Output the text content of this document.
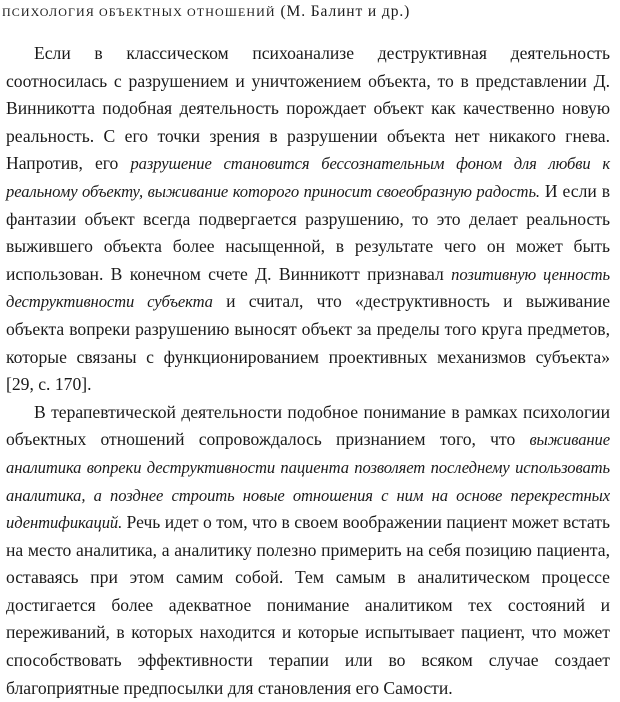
психология объектных отношений (М. Балинт и др.)

Если в классическом психоанализе деструктивная деятельность соотносилась с разрушением и уничтожением объекта, то в представлении Д. Винникотта подобная деятельность порождает объект как качественно новую реальность. С его точки зрения в разрушении объекта нет никакого гнева. Напротив, его разрушение становится бессознательным фоном для любви к реальному объекту, выживание которого приносит своеобразную радость. И если в фантазии объект всегда подвергается разрушению, то это делает реальность выжившего объекта более насыщенной, в результате чего он может быть использован. В конечном счете Д. Винникотт признавал позитивную ценность деструктивности субъекта и считал, что «деструктивность и выживание объекта вопреки разрушению выносят объект за пределы того круга предметов, которые связаны с функционированием проективных механизмов субъекта» [29, с. 170].

В терапевтической деятельности подобное понимание в рамках психологии объектных отношений сопровождалось признанием того, что выживание аналитика вопреки деструктивности пациента позволяет последнему использовать аналитика, а позднее строить новые отношения с ним на основе перекрестных идентификаций. Речь идет о том, что в своем воображении пациент может встать на место аналитика, а аналитику полезно примерить на себя позицию пациента, оставаясь при этом самим собой. Тем самым в аналитическом процессе достигается более адекватное понимание аналитиком тех состояний и переживаний, в которых находится и которые испытывает пациент, что может способствовать эффективности терапии или во всяком случае создает благоприятные предпосылки для становления его Самости.
